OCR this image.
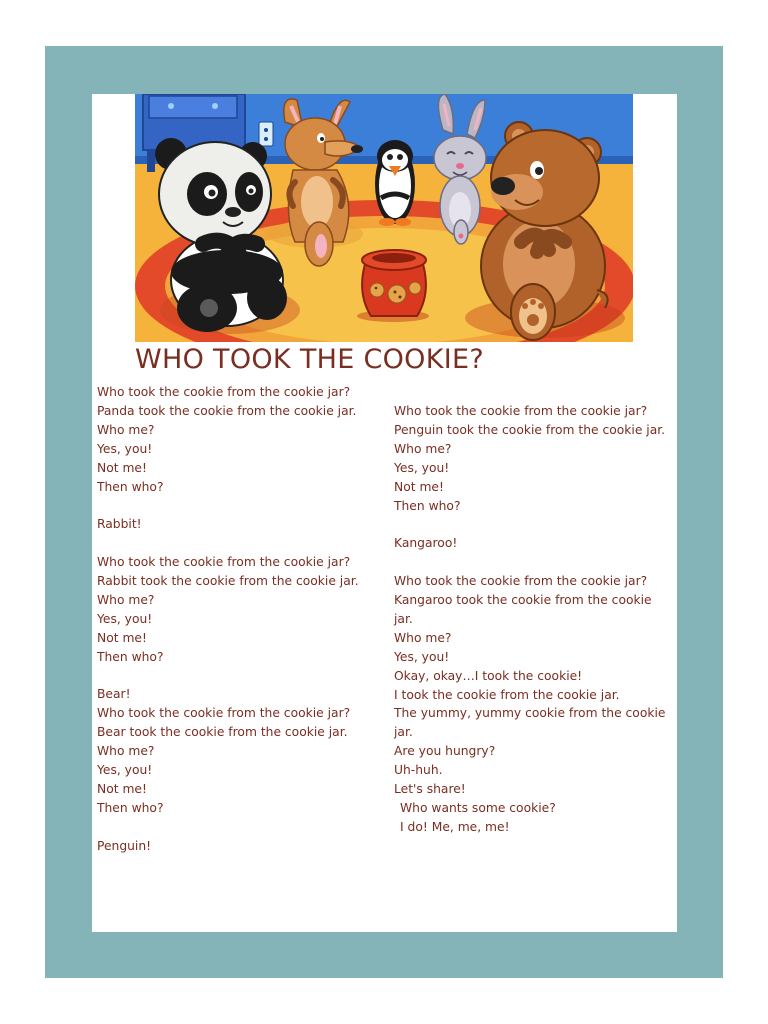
WHO TOOK THE COOKIE?
Who took the cookie from the cookie jar?
Panda took the cookie from the cookie jar.
Who me?
Yes, you!
Not me!
Then who?
Rabbit!
Who took the cookie from the cookie jar?
Rabbit took the cookie from the cookie jar.
Who me?
Yes, you!
Not me!
Then who?
Bear!
Who took the cookie from the cookie jar?
Bear took the cookie from the cookie jar.
Who me?
Yes, you!
Not me!
Then who?
Penguin!
Who took the cookie from the cookie jar?
Penguin took the cookie from the cookie jar.
Who me?
Yes, you!
Not me!
Then who?
Kangaroo!
Who took the cookie from the cookie jar?
Kangaroo took the cookie from the cookie
jar.
Who me?
Yes, you!
Okay, okay…I took the cookie!
I took the cookie from the cookie jar.
The yummy, yummy cookie from the cookie
jar.
Are you hungry?
Uh-huh.
Let's share!
Who wants some cookie?
I do! Me, me, me!
